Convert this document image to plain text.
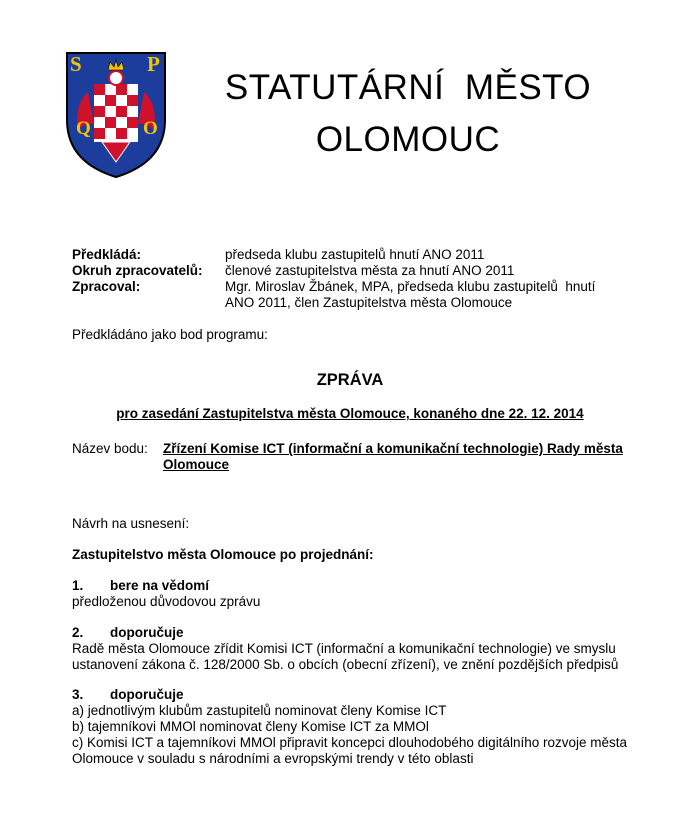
S	P
Q	O
STATUTÁRNÍ  MĚSTO
OLOMOUC
Předkládá:	předseda klubu zastupitelů hnutí ANO 2011
Okruh zpracovatelů: členové zastupitelstva města za hnutí ANO 2011
Zpracoval:	Mgr. Miroslav Žbánek, MPA, předseda klubu zastupitelů  hnutí
ANO 2011, člen Zastupitelstva města Olomouce
Předkládáno jako bod programu:
ZPRÁVA
pro zasedání Zastupitelstva města Olomouce, konaného dne 22. 12. 2014
Název bodu: Zřízení Komise ICT (informační a komunikační technologie) Rady města
Olomouce
Návrh na usnesení:
Zastupitelstvo města Olomouce po projednání:
1. bere na vědomí
předloženou důvodovou zprávu
2. doporučuje
Radě města Olomouce zřídit Komisi ICT (informační a komunikační technologie) ve smyslu
ustanovení zákona č. 128/2000 Sb. o obcích (obecní zřízení), ve znění pozdějších předpisů
3. doporučuje
a) jednotlivým klubům zastupitelů nominovat členy Komise ICT
b) tajemníkovi MMOl nominovat členy Komise ICT za MMOl
c) Komisi ICT a tajemníkovi MMOl připravit koncepci dlouhodobého digitálního rozvoje města
Olomouce v souladu s národními a evropskými trendy v této oblasti
